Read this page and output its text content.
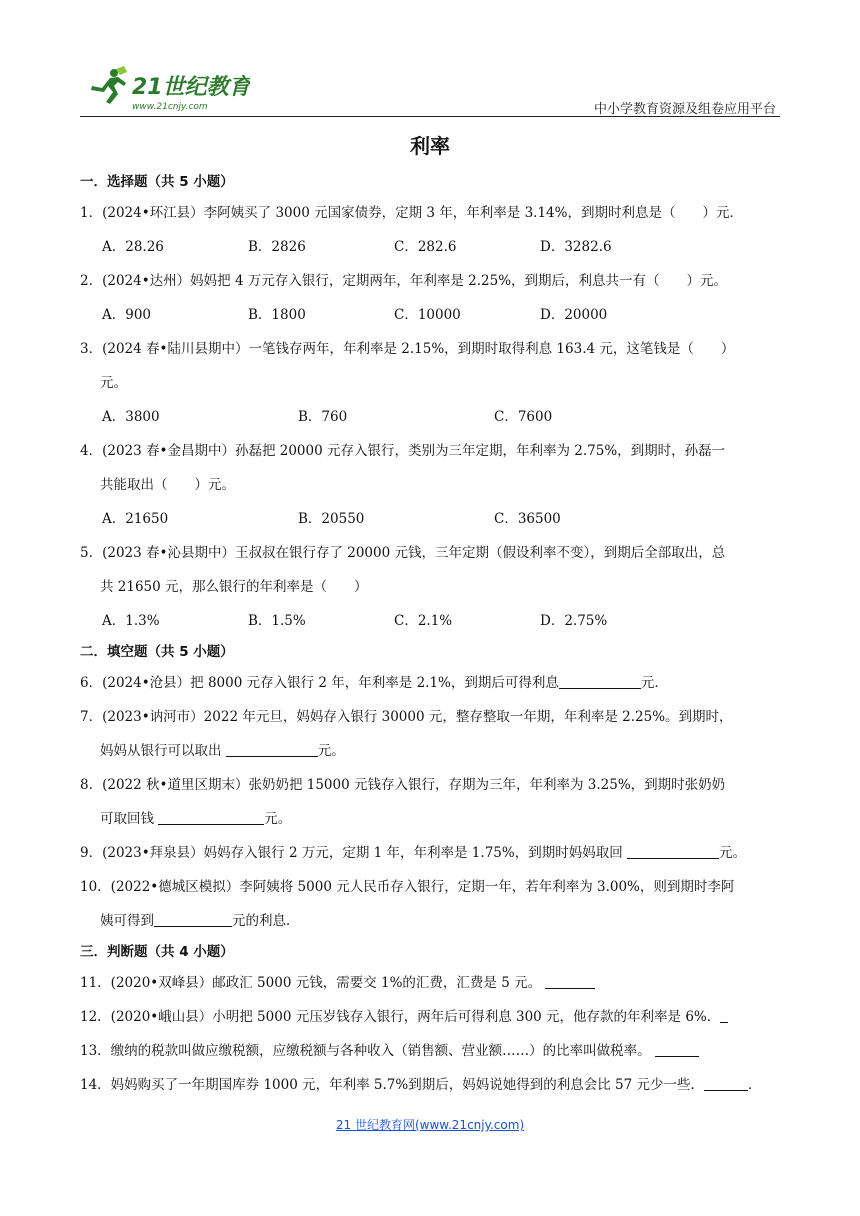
21世纪教育
www.21cnjy.com	中小学教育资源及组卷应用平台
利率
一．选择题（共 5 小题）
1．(2024•环江县）李阿姨买了 3000 元国家债券，定期 3 年，年利率是 3.14%，到期时利息是（　　）元．
A．28.26	B．2826	C．282.6	D．3282.6
2．(2024•达州）妈妈把 4 万元存入银行，定期两年，年利率是 2.25%，到期后，利息共一有（　　）元。
A．900	B．1800	C．10000	D．20000
3．(2024 春•陆川县期中）一笔钱存两年，年利率是 2.15%，到期时取得利息 163.4 元，这笔钱是（　　）
元。
A．3800	B．760	C．7600
4．(2023 春•金昌期中）孙磊把 20000 元存入银行，类别为三年定期，年利率为 2.75%，到期时，孙磊一
共能取出（　　）元。
A．21650	B．20550	C．36500
5．(2023 春•沁县期中）王叔叔在银行存了 20000 元钱，三年定期（假设利率不变），到期后全部取出，总
共 21650 元，那么银行的年利率是（　　）
A．1.3%	B．1.5%	C．2.1%	D．2.75%
二．填空题（共 5 小题）
6．(2024•沧县）把 8000 元存入银行 2 年，年利率是 2.1%，到期后可得利息	元．
7．(2023•讷河市）2022 年元旦，妈妈存入银行 30000 元，整存整取一年期，年利率是 2.25%。到期时，
妈妈从银行可以取出	元。
8．(2022 秋•道里区期末）张奶奶把 15000 元钱存入银行，存期为三年，年利率为 3.25%，到期时张奶奶
可取回钱	元。
9．(2023•拜泉县）妈妈存入银行 2 万元，定期 1 年，年利率是 1.75%，到期时妈妈取回	元。
10．(2022•德城区模拟）李阿姨将 5000 元人民币存入银行，定期一年，若年利率为 3.00%，则到期时李阿
姨可得到	元的利息．
三．判断题（共 4 小题）
11．(2020•双峰县）邮政汇 5000 元钱，需要交 1%的汇费，汇费是 5 元。
12．(2020•峨山县）小明把 5000 元压岁钱存入银行，两年后可得利息 300 元，他存款的年利率是 6%．
13．缴纳的税款叫做应缴税额，应缴税额与各种收入（销售额、营业额……）的比率叫做税率。
14．妈妈购买了一年期国库券 1000 元，年利率 5.7%到期后，妈妈说她得到的利息会比 57 元少一些．	．
21 世纪教育网(www.21cnjy.com)
